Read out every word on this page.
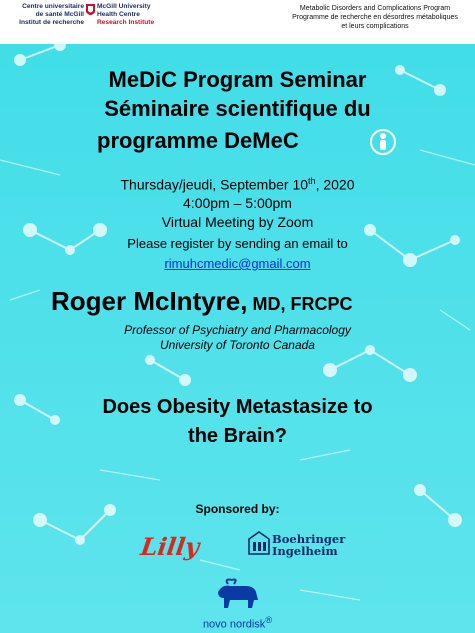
Centre universitaire
de santé McGill
Institut de recherche
McGill University
Health Centre
Research Institute
Metabolic Disorders and Complications Program
Programme de recherche en désordres métaboliques
et leurs complications
MeDiC Program Seminar
Séminaire scientifique du
programme DeMeC
Thursday/jeudi, September 10th, 2020
4:00pm – 5:00pm
Virtual Meeting by Zoom
Please register by sending an email to
rimuhcmedic@gmail.com
Roger McIntyre, MD, FRCPC
Professor of Psychiatry and Pharmacology
University of Toronto Canada
Does Obesity Metastasize to
the Brain?
Sponsored by:
Lilly	Boehringer
Ingelheim
novo nordisk®
